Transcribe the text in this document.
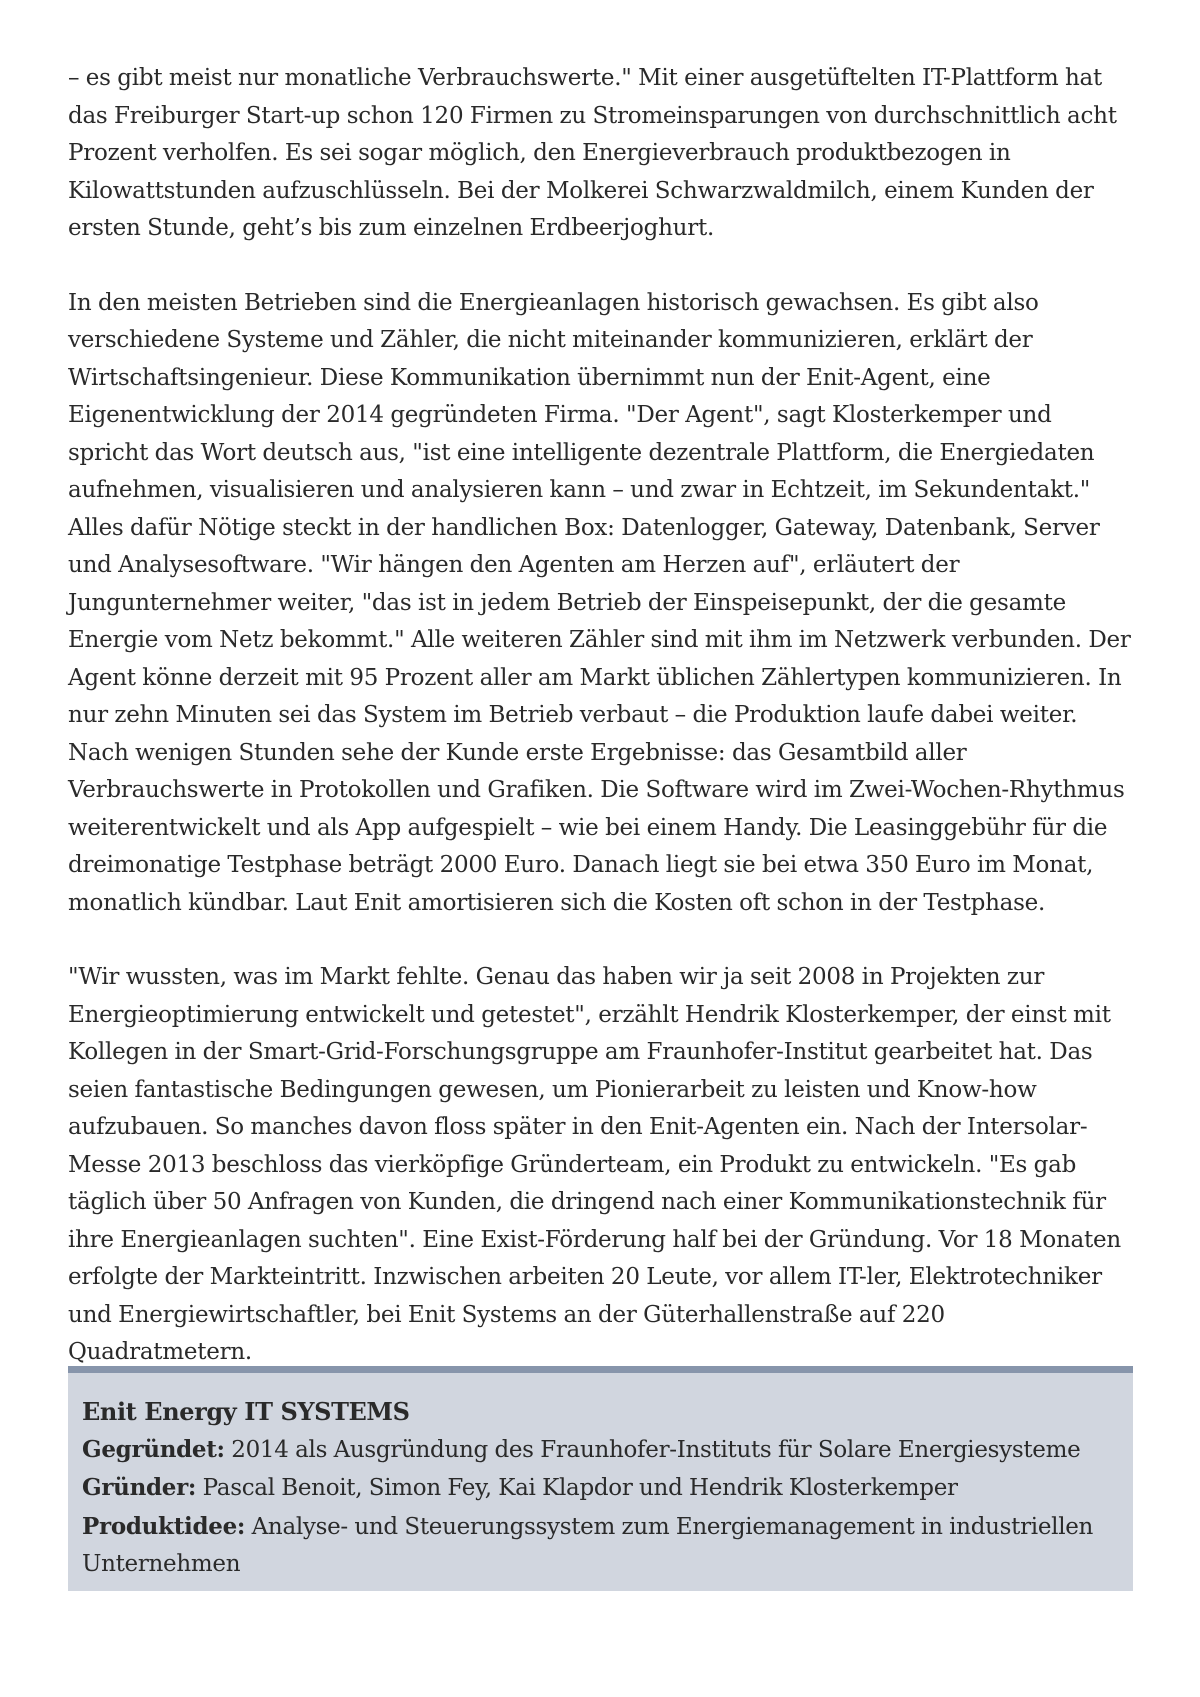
– es gibt meist nur monatliche Verbrauchswerte." Mit einer ausgetüftelten IT-Plattform hat das Freiburger Start-up schon 120 Firmen zu Stromeinsparungen von durchschnittlich acht Prozent verholfen. Es sei sogar möglich, den Energieverbrauch produktbezogen in Kilowattstunden aufzuschlüsseln. Bei der Molkerei Schwarzwaldmilch, einem Kunden der ersten Stunde, geht’s bis zum einzelnen Erdbeerjoghurt.

In den meisten Betrieben sind die Energieanlagen historisch gewachsen. Es gibt also verschiedene Systeme und Zähler, die nicht miteinander kommunizieren, erklärt der Wirtschaftsingenieur. Diese Kommunikation übernimmt nun der Enit-Agent, eine Eigenentwicklung der 2014 gegründeten Firma. "Der Agent", sagt Klosterkemper und spricht das Wort deutsch aus, "ist eine intelligente dezentrale Plattform, die Energiedaten aufnehmen, visualisieren und analysieren kann – und zwar in Echtzeit, im Sekundentakt." Alles dafür Nötige steckt in der handlichen Box: Datenlogger, Gateway, Datenbank, Server und Analysesoftware. "Wir hängen den Agenten am Herzen auf", erläutert der Jungunternehmer weiter, "das ist in jedem Betrieb der Einspeisepunkt, der die gesamte Energie vom Netz bekommt." Alle weiteren Zähler sind mit ihm im Netzwerk verbunden. Der Agent könne derzeit mit 95 Prozent aller am Markt üblichen Zählertypen kommunizieren. In nur zehn Minuten sei das System im Betrieb verbaut – die Produktion laufe dabei weiter. Nach wenigen Stunden sehe der Kunde erste Ergebnisse: das Gesamtbild aller Verbrauchswerte in Protokollen und Grafiken. Die Software wird im Zwei-Wochen-Rhythmus weiterentwickelt und als App aufgespielt – wie bei einem Handy. Die Leasinggebühr für die dreimonatige Testphase beträgt 2000 Euro. Danach liegt sie bei etwa 350 Euro im Monat, monatlich kündbar. Laut Enit amortisieren sich die Kosten oft schon in der Testphase.

"Wir wussten, was im Markt fehlte. Genau das haben wir ja seit 2008 in Projekten zur Energieoptimierung entwickelt und getestet", erzählt Hendrik Klosterkemper, der einst mit Kollegen in der Smart-Grid-Forschungsgruppe am Fraunhofer-Institut gearbeitet hat. Das seien fantastische Bedingungen gewesen, um Pionierarbeit zu leisten und Know-how aufzubauen. So manches davon floss später in den Enit-Agenten ein. Nach der Intersolar-Messe 2013 beschloss das vierköpfige Gründerteam, ein Produkt zu entwickeln. "Es gab täglich über 50 Anfragen von Kunden, die dringend nach einer Kommunikationstechnik für ihre Energieanlagen suchten". Eine Exist-Förderung half bei der Gründung. Vor 18 Monaten erfolgte der Markteintritt. Inzwischen arbeiten 20 Leute, vor allem IT-ler, Elektrotechniker und Energiewirtschaftler, bei Enit Systems an der Güterhallenstraße auf 220 Quadratmetern.

Enit Energy IT SYSTEMS
Gegründet: 2014 als Ausgründung des Fraunhofer-Instituts für Solare Energiesysteme
Gründer: Pascal Benoit, Simon Fey, Kai Klapdor und Hendrik Klosterkemper
Produktidee: Analyse- und Steuerungssystem zum Energiemanagement in industriellen Unternehmen
